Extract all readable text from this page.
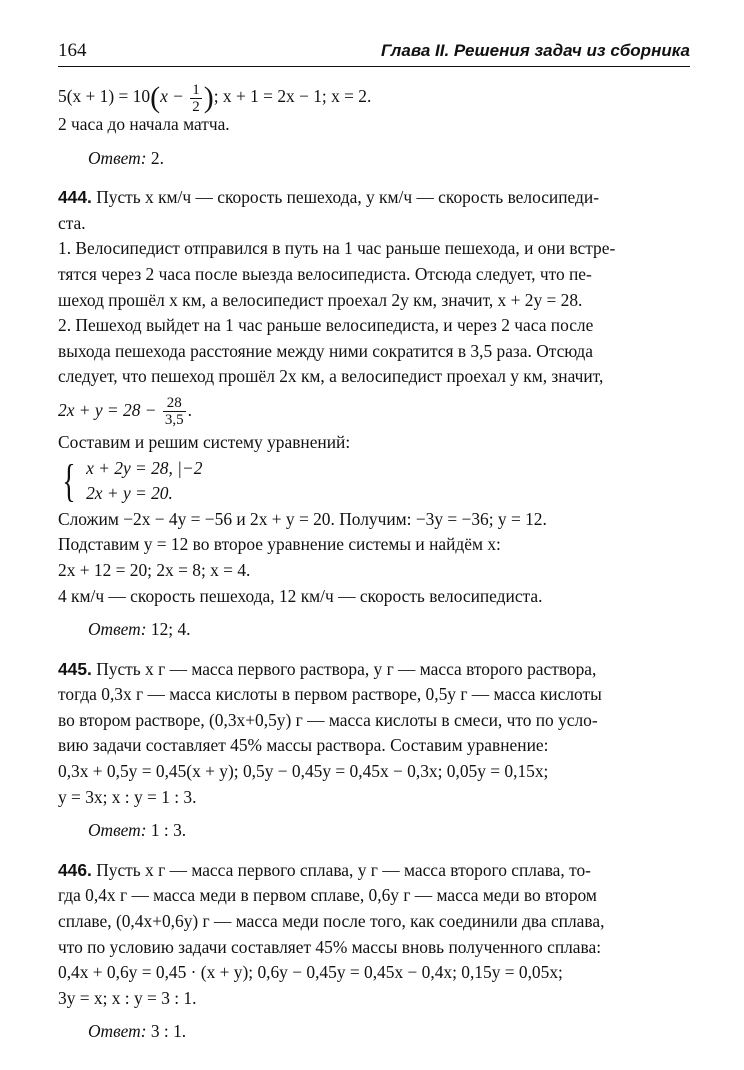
164	Глава II. Решения задач из сборника
$5(x + 1) = 10(x - \frac{1}{2}$ ); x + 1 = 2x − 1; x = 2.
2 часа до начала матча.
Ответ: 2.
444. Пусть x км/ч — скорость пешехода, y км/ч — скорость велосипеди-
ста.
1. Велосипедист отправился в путь на 1 час раньше пешехода, и они встре-
тятся через 2 часа после выезда велосипедиста. Отсюда следует, что пе-
шеход прошёл x км, а велосипедист проехал 2y км, значит, x + 2y = 28.
2. Пешеход выйдет на 1 час раньше велосипедиста, и через 2 часа после
выхода пешехода расстояние между ними сократится в 3,5 раза. Отсюда
следует, что пешеход прошёл 2x км, а велосипедист проехал y км, значит,
$2x + y = 28 - \frac{28}{3,5}$ .
Составим и решим систему уравнений:
{ x + 2y = 28, |−2
2x + y = 20.
Сложим −2x − 4y = −56 и 2x + y = 20. Получим: −3y = −36; y = 12.
Подставим y = 12 во второе уравнение системы и найдём x:
2x + 12 = 20; 2x = 8; x = 4.
4 км/ч — скорость пешехода, 12 км/ч — скорость велосипедиста.
Ответ: 12; 4.
445. Пусть x г — масса первого раствора, y г — масса второго раствора,
тогда 0,3x г — масса кислоты в первом растворе, 0,5y г — масса кислоты
во втором растворе, (0,3x+0,5y) г — масса кислоты в смеси, что по усло-
вию задачи составляет 45% массы раствора. Составим уравнение:
0,3x + 0,5y = 0,45(x + y); 0,5y − 0,45y = 0,45x − 0,3x; 0,05y = 0,15x;
y = 3x; x : y = 1 : 3.
Ответ: 1 : 3.
446. Пусть x г — масса первого сплава, y г — масса второго сплава, то-
гда 0,4x г — масса меди в первом сплаве, 0,6y г — масса меди во втором
сплаве, (0,4x+0,6y) г — масса меди после того, как соединили два сплава,
что по условию задачи составляет 45% массы вновь полученного сплава:
0,4x + 0,6y = 0,45 · (x + y); 0,6y − 0,45y = 0,45x − 0,4x; 0,15y = 0,05x;
3y = x; x : y = 3 : 1.
Ответ: 3 : 1.
